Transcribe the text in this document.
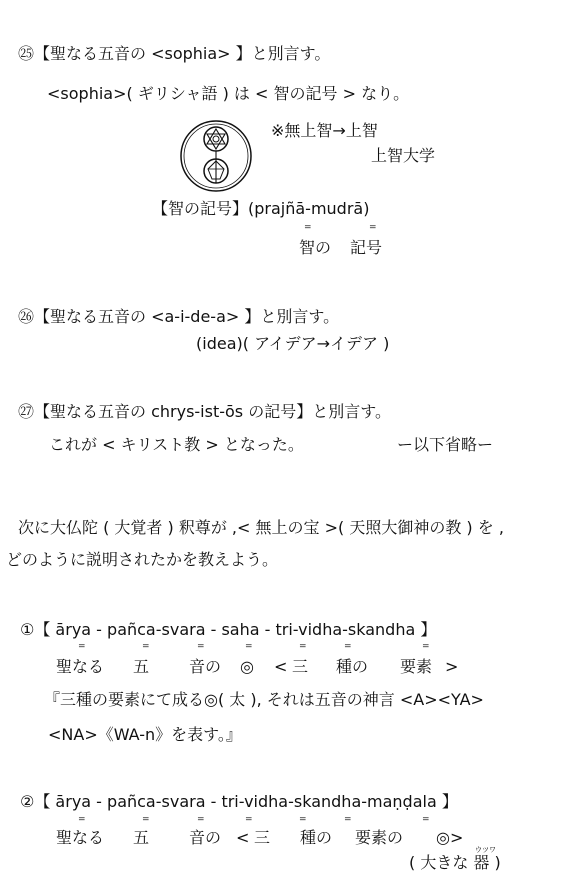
㉕【聖なる五音の <sophia> 】と別言す。
<sophia>( ギリシャ語 ) は < 智の記号 > なり。
※無上智→上智
上智大学
【智の記号】(prajñā-mudrā)
=	=
智の 記号
㉖【聖なる五音の <a-i-de-a> 】と別言す。
(idea)( アイデア→イデア )
㉗【聖なる五音の chrys-ist-ōs の記号】と別言す。
これが < キリスト教 > となった。	ー以下省略ー
次に大仏陀 ( 大覚者 ) 釈尊が ,< 無上の宝 >( 天照大御神の教 ) を ,
どのように説明されたかを教えよう。
①【 ārya - pañca-svara - saha - tri-vidha-skandha 】
=	=	=	=	=	=	=
聖なる 五 音の ◎ < 三 種の 要素 >
『三種の要素にて成る◎( 太 ), それは五音の神言 <A><YA>
<NA>《WA-n》を表す。』
②【 ārya - pañca-svara - tri-vidha-skandha-maṇḍala 】
=	=	=	=	=	=	=
聖なる 五 音の < 三 種の 要素の ◎>
ウツワ
( 大きな 器 )
